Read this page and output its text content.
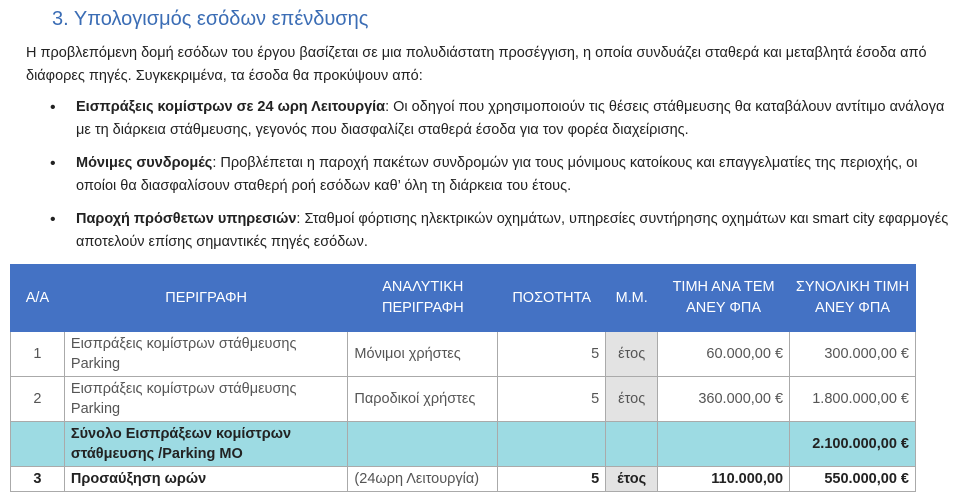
3. Υπολογισμός εσόδων επένδυσης
Η προβλεπόμενη δομή εσόδων του έργου βασίζεται σε μια πολυδιάστατη προσέγγιση, η οποία συνδυάζει σταθερά και μεταβλητά έσοδα από διάφορες πηγές. Συγκεκριμένα, τα έσοδα θα προκύψουν από:
• Εισπράξεις κομίστρων σε 24 ωρη Λειτουργία: Οι οδηγοί που χρησιμοποιούν τις θέσεις στάθμευσης θα καταβάλουν αντίτιμο ανάλογα με τη διάρκεια στάθμευσης, γεγονός που διασφαλίζει σταθερά έσοδα για τον φορέα διαχείρισης.
• Μόνιμες συνδρομές: Προβλέπεται η παροχή πακέτων συνδρομών για τους μόνιμους κατοίκους και επαγγελματίες της περιοχής, οι οποίοι θα διασφαλίσουν σταθερή ροή εσόδων καθ’ όλη τη διάρκεια του έτους.
• Παροχή πρόσθετων υπηρεσιών: Σταθμοί φόρτισης ηλεκτρικών οχημάτων, υπηρεσίες συντήρησης οχημάτων και smart city εφαρμογές αποτελούν επίσης σημαντικές πηγές εσόδων.
Α/Α	ΠΕΡΙΓΡΑΦΗ	ΑΝΑΛΥΤΙΚΗ ΠΕΡΙΓΡΑΦΗ	ΠΟΣΟΤΗΤΑ	Μ.Μ.	ΤΙΜΗ ΑΝΑ ΤΕΜ ΑΝΕΥ ΦΠΑ	ΣΥΝΟΛΙΚΗ ΤΙΜΗ ΑΝΕΥ ΦΠΑ
1	Εισπράξεις κομίστρων στάθμευσης Parking	Μόνιμοι χρήστες	5	έτος	60.000,00 €	300.000,00 €
2	Εισπράξεις κομίστρων στάθμευσης Parking	Παροδικοί χρήστες	5	έτος	360.000,00 €	1.800.000,00 €
	Σύνολο Εισπράξεων κομίστρων στάθμευσης /Parking ΜΟ					2.100.000,00 €
3	Προσαύξηση ωρών	(24ωρη Λειτουργία)	5	έτος	110.000,00	550.000,00 €
